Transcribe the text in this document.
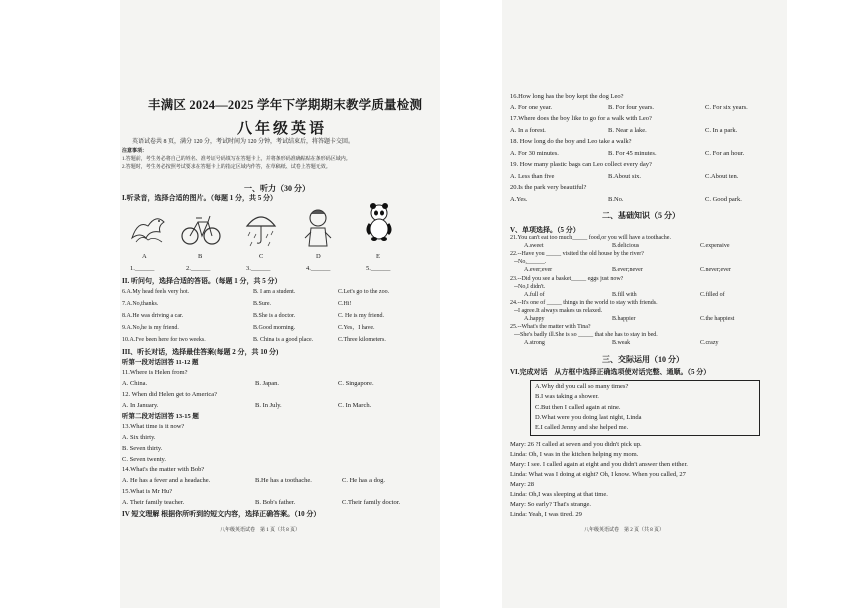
丰满区 2024—2025 学年下学期期末教学质量检测
八年级英语
英语试卷共 8 页，满分 120 分，考试时间为 120 分钟，考试结束后，将答题卡交回。
注意事项：
1.答题前，考生务必将自己的姓名、准考证号码填写在答题卡上，并将条形码准确粘贴在条形码区域内。
2.答题时，考生务必按照考试要求在答题卡上的指定区域内作答，在草稿纸、试卷上答题无效。
一、听力（30 分）
I.听录音，选择合适的图片。（每题 1 分，共 5 分）
A	B	C	D	E
1.______	2.______	3.______	4.______	5.______
II. 听问句，选择合适的答语。（每题 1 分，共 5 分）
6.A.My head feels very hot.	B. I am a student.	C.Let's go to the zoo.
7.A.No,thanks.	B.Sure.	C.Hi!
8.A.He was driving a car.	B.She is a doctor.	C. He is my friend.
9.A.No,he is my friend.	B.Good morning.	C.Yes，I have.
10.A.I've been here for two weeks.	B. China is a good place.	C.Three kilometers.
III、听长对话，选择最佳答案(每题 2 分，共 10 分)
听第一段对话回答 11-12 题
11.Where is Helen from?
A. China.	B. Japan.	C. Singapore.
12. When did Helen get to America?
A. In January.	B. In July.	C. In March.
听第二段对话回答 13-15 题
13.What time is it now?
A. Six thirty.
B. Seven thirty.
C. Seven twenty.
14.What's the matter with Bob?
A. He has a fever and a headache.	B.He has a toothache.	C. He has a dog.
15.What is Mr Hu?
A. Their family teacher.	B. Bob's father.	C.Their family doctor.
IV 短文理解 根据你所听到的短文内容，选择正确答案。（10 分）
八年级英语试卷　第 1 页（共 8 页）
16.How long has the boy kept the dog Leo?
A. For one year.	B. For four years.	C. For six years.
17.Where does the boy like to go for a walk with Leo?
A. In a forest.	B. Near a lake.	C. In a park.
18. How long do the boy and Leo take a walk?
A. For 30 minutes.	B. For 45 minutes.	C. For an hour.
19. How many plastic bags can Leo collect every day?
A. Less than five	B.About six.	C.About ten.
20.Is the park very beautiful?
A.Yes.	B.No.	C. Good park.
二、基础知识（5 分）
V、单项选择。（5 分）
21.You can't eat too much_____ food,or you will have a toothache.
A.sweet	B.delicious	C.expensive
22.--Have you _____ visited the old house by the river?
--No,______.
A.ever;ever	B.ever;never	C.never;ever
23.--Did you see a basket_____ eggs just now?
--No,I didn't.
A.full of	B.fill with	C.filled of
24.--It's one of _____ things in the world to stay with friends.
--I agree.It always makes us relaxed.
A.happy	B.happier	C.the happiest
25.--What's the matter with Tina?
---She's badly ill.She is so _____ that she has to stay in bed.
A.strong	B.weak	C.crazy
三、交际运用（10 分）
VI.完成对话　从方框中选择正确选项使对话完整、通顺。（5 分）
A.Why did you call so many times?
B.I was taking a shower.
C.But then I called again at nine.
D.What were you doing last night, Linda
E.I called Jenny and she helped me.
Mary: 26 ?I called at seven and you didn't pick up.
Linda: Oh, I was in the kitchen helping my mom.
Mary: I see. I called again at eight and you didn't answer then either.
Linda: What was I doing at eight? Oh, I know. When you called, 27
Mary: 28
Linda: Oh,I was sleeping at that time.
Mary: So early? That's strange.
Linda: Yeah, I was tired. 29
八年级英语试卷　第 2 页（共 8 页）
